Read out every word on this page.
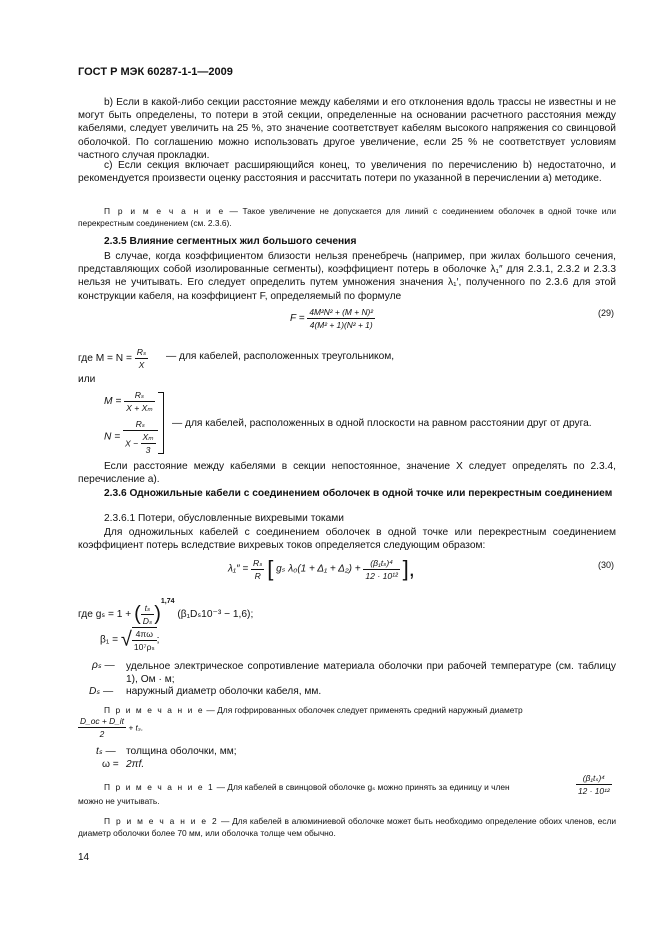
ГОСТ Р МЭК 60287-1-1—2009
b) Если в какой-либо секции расстояние между кабелями и его отклонения вдоль трассы не известны и не могут быть определены, то потери в этой секции, определенные на основании расчетного расстояния между кабелями, следует увеличить на 25 %, это значение соответствует кабелям высокого напряжения со свинцовой оболочкой. По соглашению можно использовать другое увеличение, если 25 % не соответствует условиям частного случая прокладки.
c) Если секция включает расширяющийся конец, то увеличения по перечислению b) недостаточно, и рекомендуется произвести оценку расстояния и рассчитать потери по указанной в перечислении а) методике.
П р и м е ч а н и е — Такое увеличение не допускается для линий с соединением оболочек в одной точке или перекрестным соединением (см. 2.3.6).
2.3.5 Влияние сегментных жил большого сечения
В случае, когда коэффициентом близости нельзя пренебречь (например, при жилах большого сечения, представляющих собой изолированные сегменты), коэффициент потерь в оболочке λ₁″ для 2.3.1, 2.3.2 и 2.3.3 нельзя не учитывать. Его следует определить путем умножения значения λ₁′, полученного по 2.3.6 для этой конструкции кабеля, на коэффициент F, определяемый по формуле
$F = \frac{\text{4M²N² + (M + N)²}}{\text{4(M² + 1)(N² + 1)}}$	(29)
где $M = N = \frac{\text{Rₛ}}{X}$ — для кабелей, расположенных треугольником,
или
$M = \frac{\text{Rₛ}}{\text{X + Xₘ}}$
$N = \frac{\text{Rₛ}}{X - \frac{\text{Xₘ}}{3}}$ — для кабелей, расположенных в одной плоскости на равном расстоянии друг от друга.
Если расстояние между кабелями в секции непостоянное, значение X следует определять по 2.3.4, перечисление а).
2.3.6 Одножильные кабели с соединением оболочек в одной точке или перекрестным соединением
2.3.6.1 Потери, обусловленные вихревыми токами
Для одножильных кабелей с соединением оболочек в одной точке или перекрестным соединением коэффициент потерь вследствие вихревых токов определяется следующим образом:
$\lambda_1'' = \frac{\text{Rₛ}}{R}$ [ gₛ $\lambda_0(1 + \Delta_1 + \Delta_2) + \frac{\text{(β₁tₛ)⁴}}{\text{12 · 10¹²}}$ ],	(30)
где gₛ = 1 + ( $\frac{\text{tₛ}}{\text{Dₛ}} )^{1,74}$ (β₁Dₛ10⁻³ − 1,6);
β₁ = √ $\frac{4\pi\omega}{\text{10⁷ρₛ}}$ ;
ρₛ — удельное электрическое сопротивление материала оболочки при рабочей температуре (см. таблицу 1), Ом · м;
Dₛ — наружный диаметр оболочки кабеля, мм.
П р и м е ч а н и е — Для гофрированных оболочек следует применять средний наружный диаметр
$\frac{D\_oc + D\_it}{2} + t_s$.
tₛ — толщина оболочки, мм;
ω = 2πf.
П р и м е ч а н и е 1 — Для кабелей в свинцовой оболочке gₛ можно принять за единицу и член	$\frac{\text{(β₁tₛ)⁴}}{\text{12 · 10¹²}}$
можно не учитывать.
П р и м е ч а н и е 2 — Для кабелей в алюминиевой оболочке может быть необходимо определение обоих членов, если диаметр оболочки более 70 мм, или оболочка толще чем обычно.
14
